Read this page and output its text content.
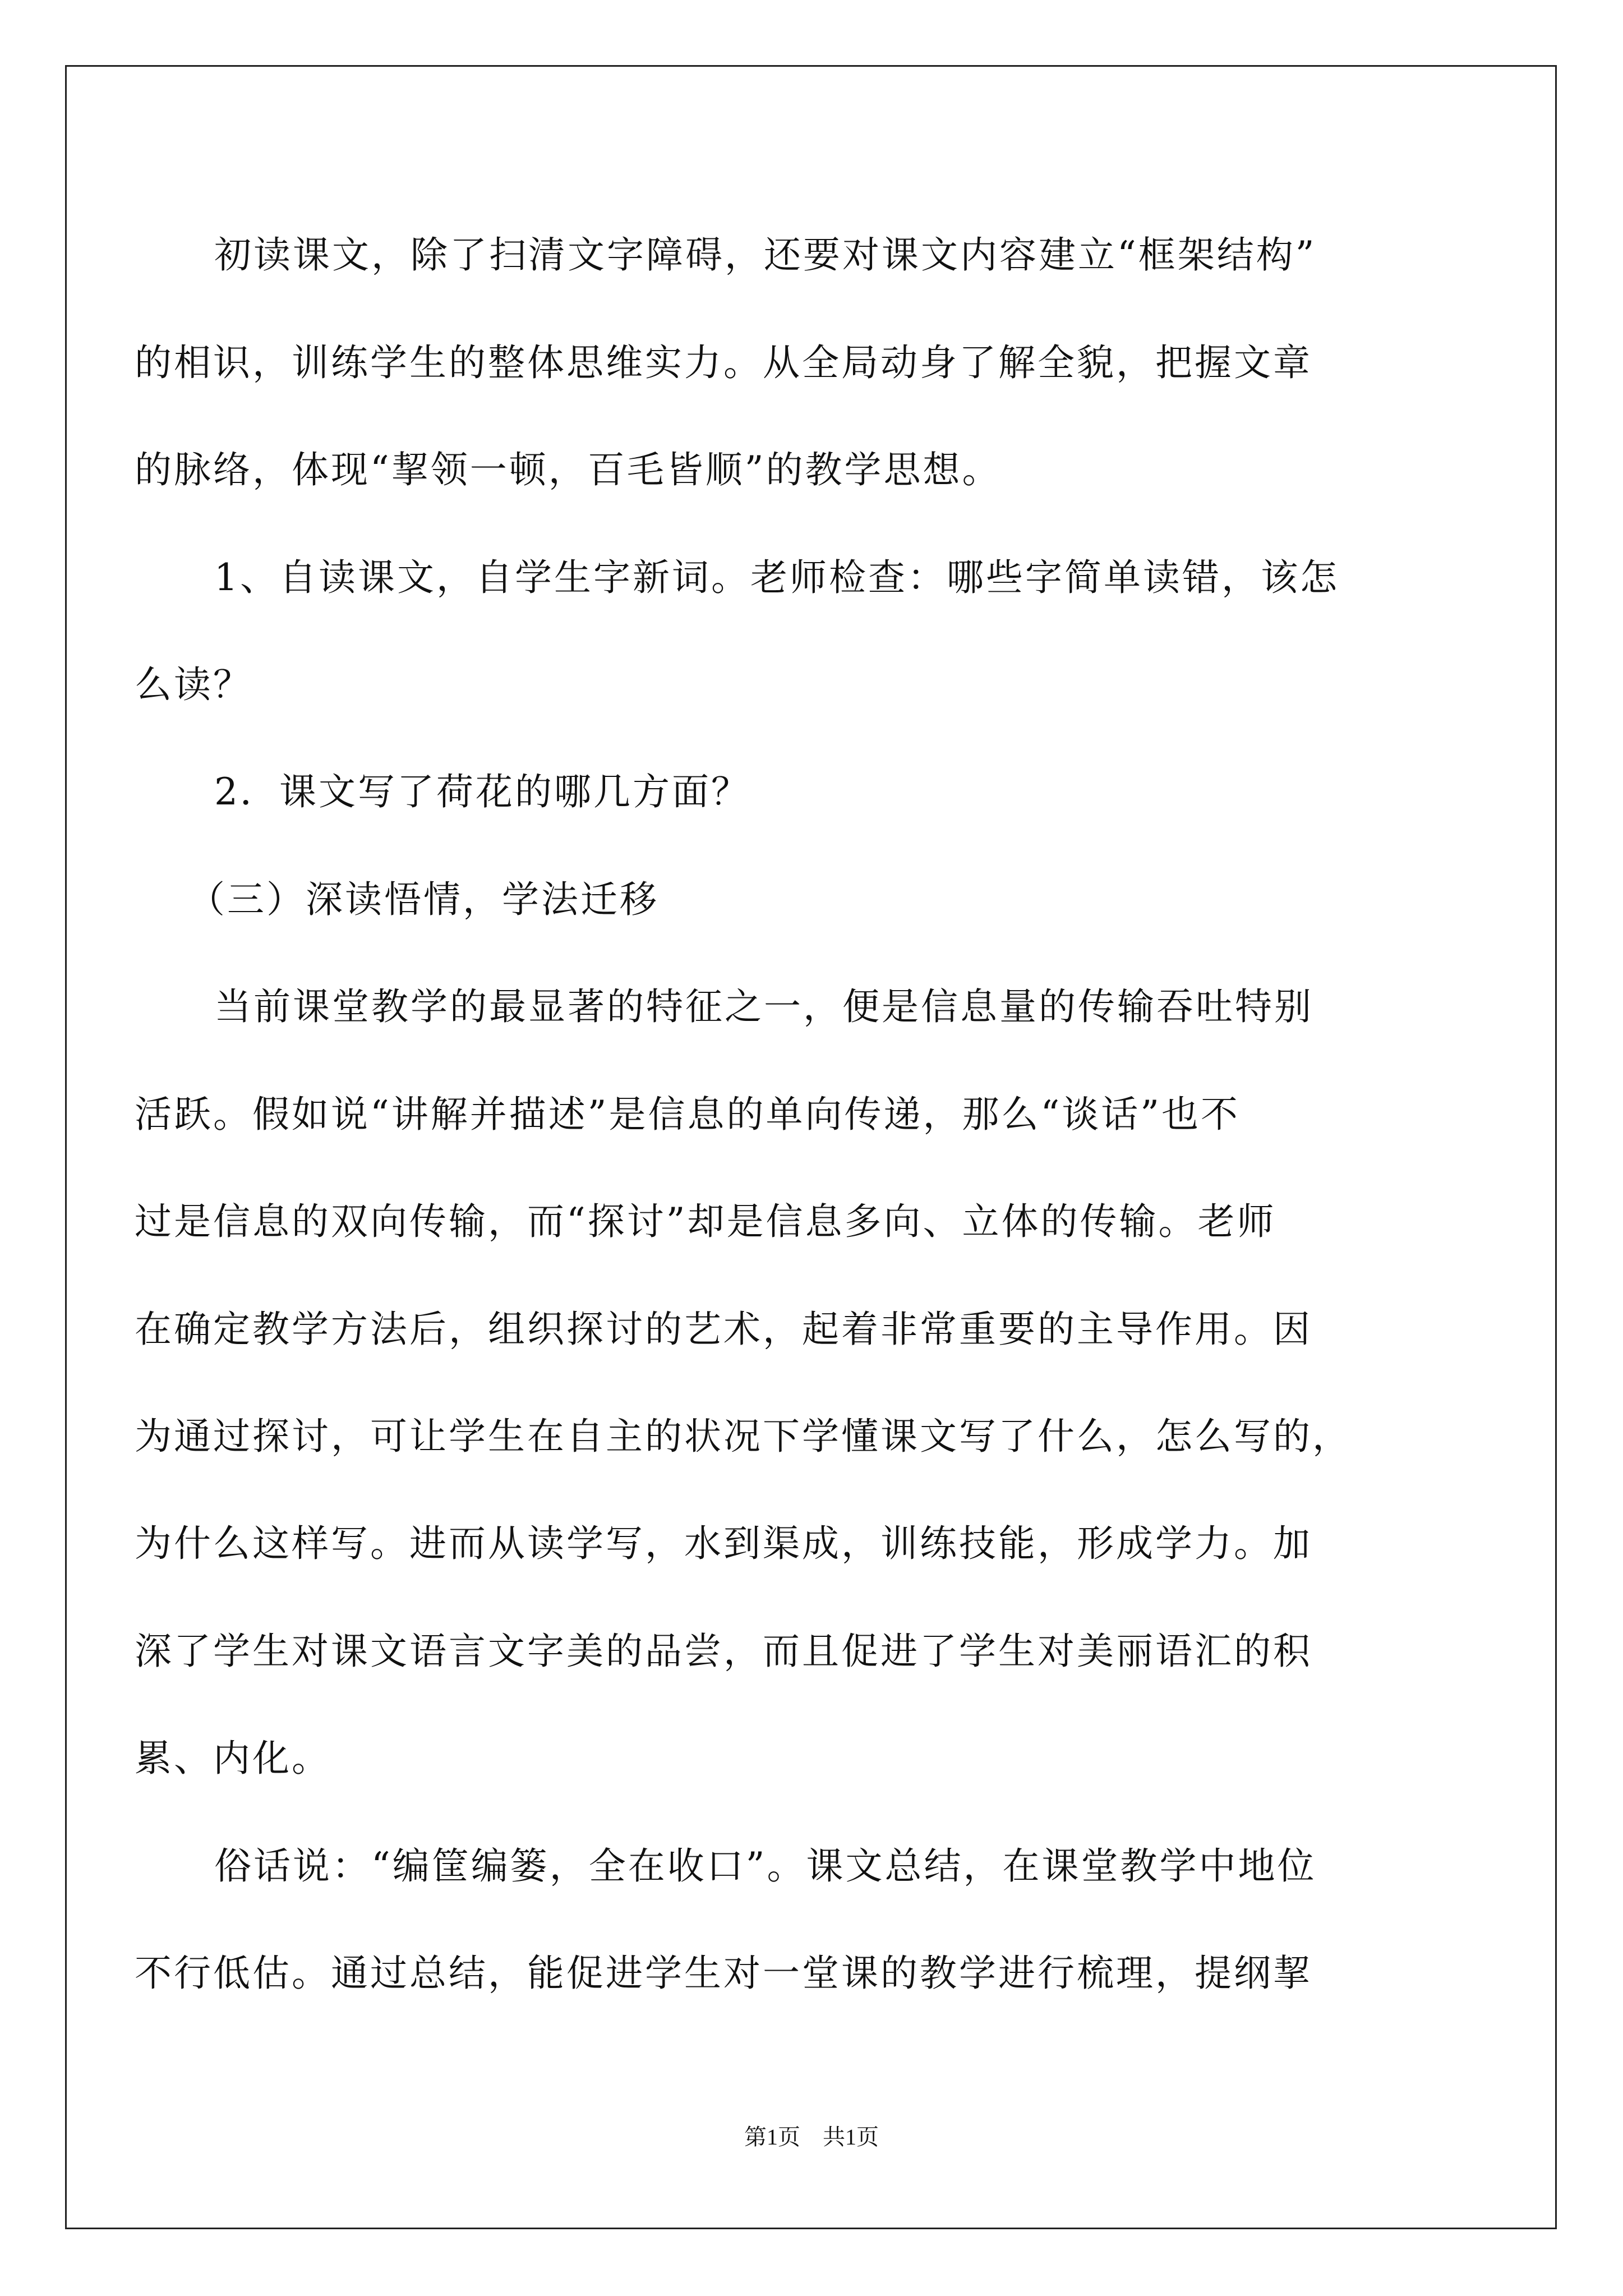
初读课文，除了扫清文字障碍，还要对课文内容建立“框架结构”
的相识，训练学生的整体思维实力。从全局动身了解全貌，把握文章
的脉络，体现“挈领一顿，百毛皆顺”的教学思想。
1、自读课文，自学生字新词。老师检查：哪些字简单读错，该怎
么读？
2．课文写了荷花的哪几方面？
（三）深读悟情，学法迁移
当前课堂教学的最显著的特征之一，便是信息量的传输吞吐特别
活跃。假如说“讲解并描述”是信息的单向传递，那么“谈话”也不
过是信息的双向传输，而“探讨”却是信息多向、立体的传输。老师
在确定教学方法后，组织探讨的艺术，起着非常重要的主导作用。因
为通过探讨，可让学生在自主的状况下学懂课文写了什么，怎么写的，
为什么这样写。进而从读学写，水到渠成，训练技能，形成学力。加
深了学生对课文语言文字美的品尝，而且促进了学生对美丽语汇的积
累、内化。
俗话说：“编筐编篓，全在收口”。课文总结，在课堂教学中地位
不行低估。通过总结，能促进学生对一堂课的教学进行梳理，提纲挈
第1页　共1页
